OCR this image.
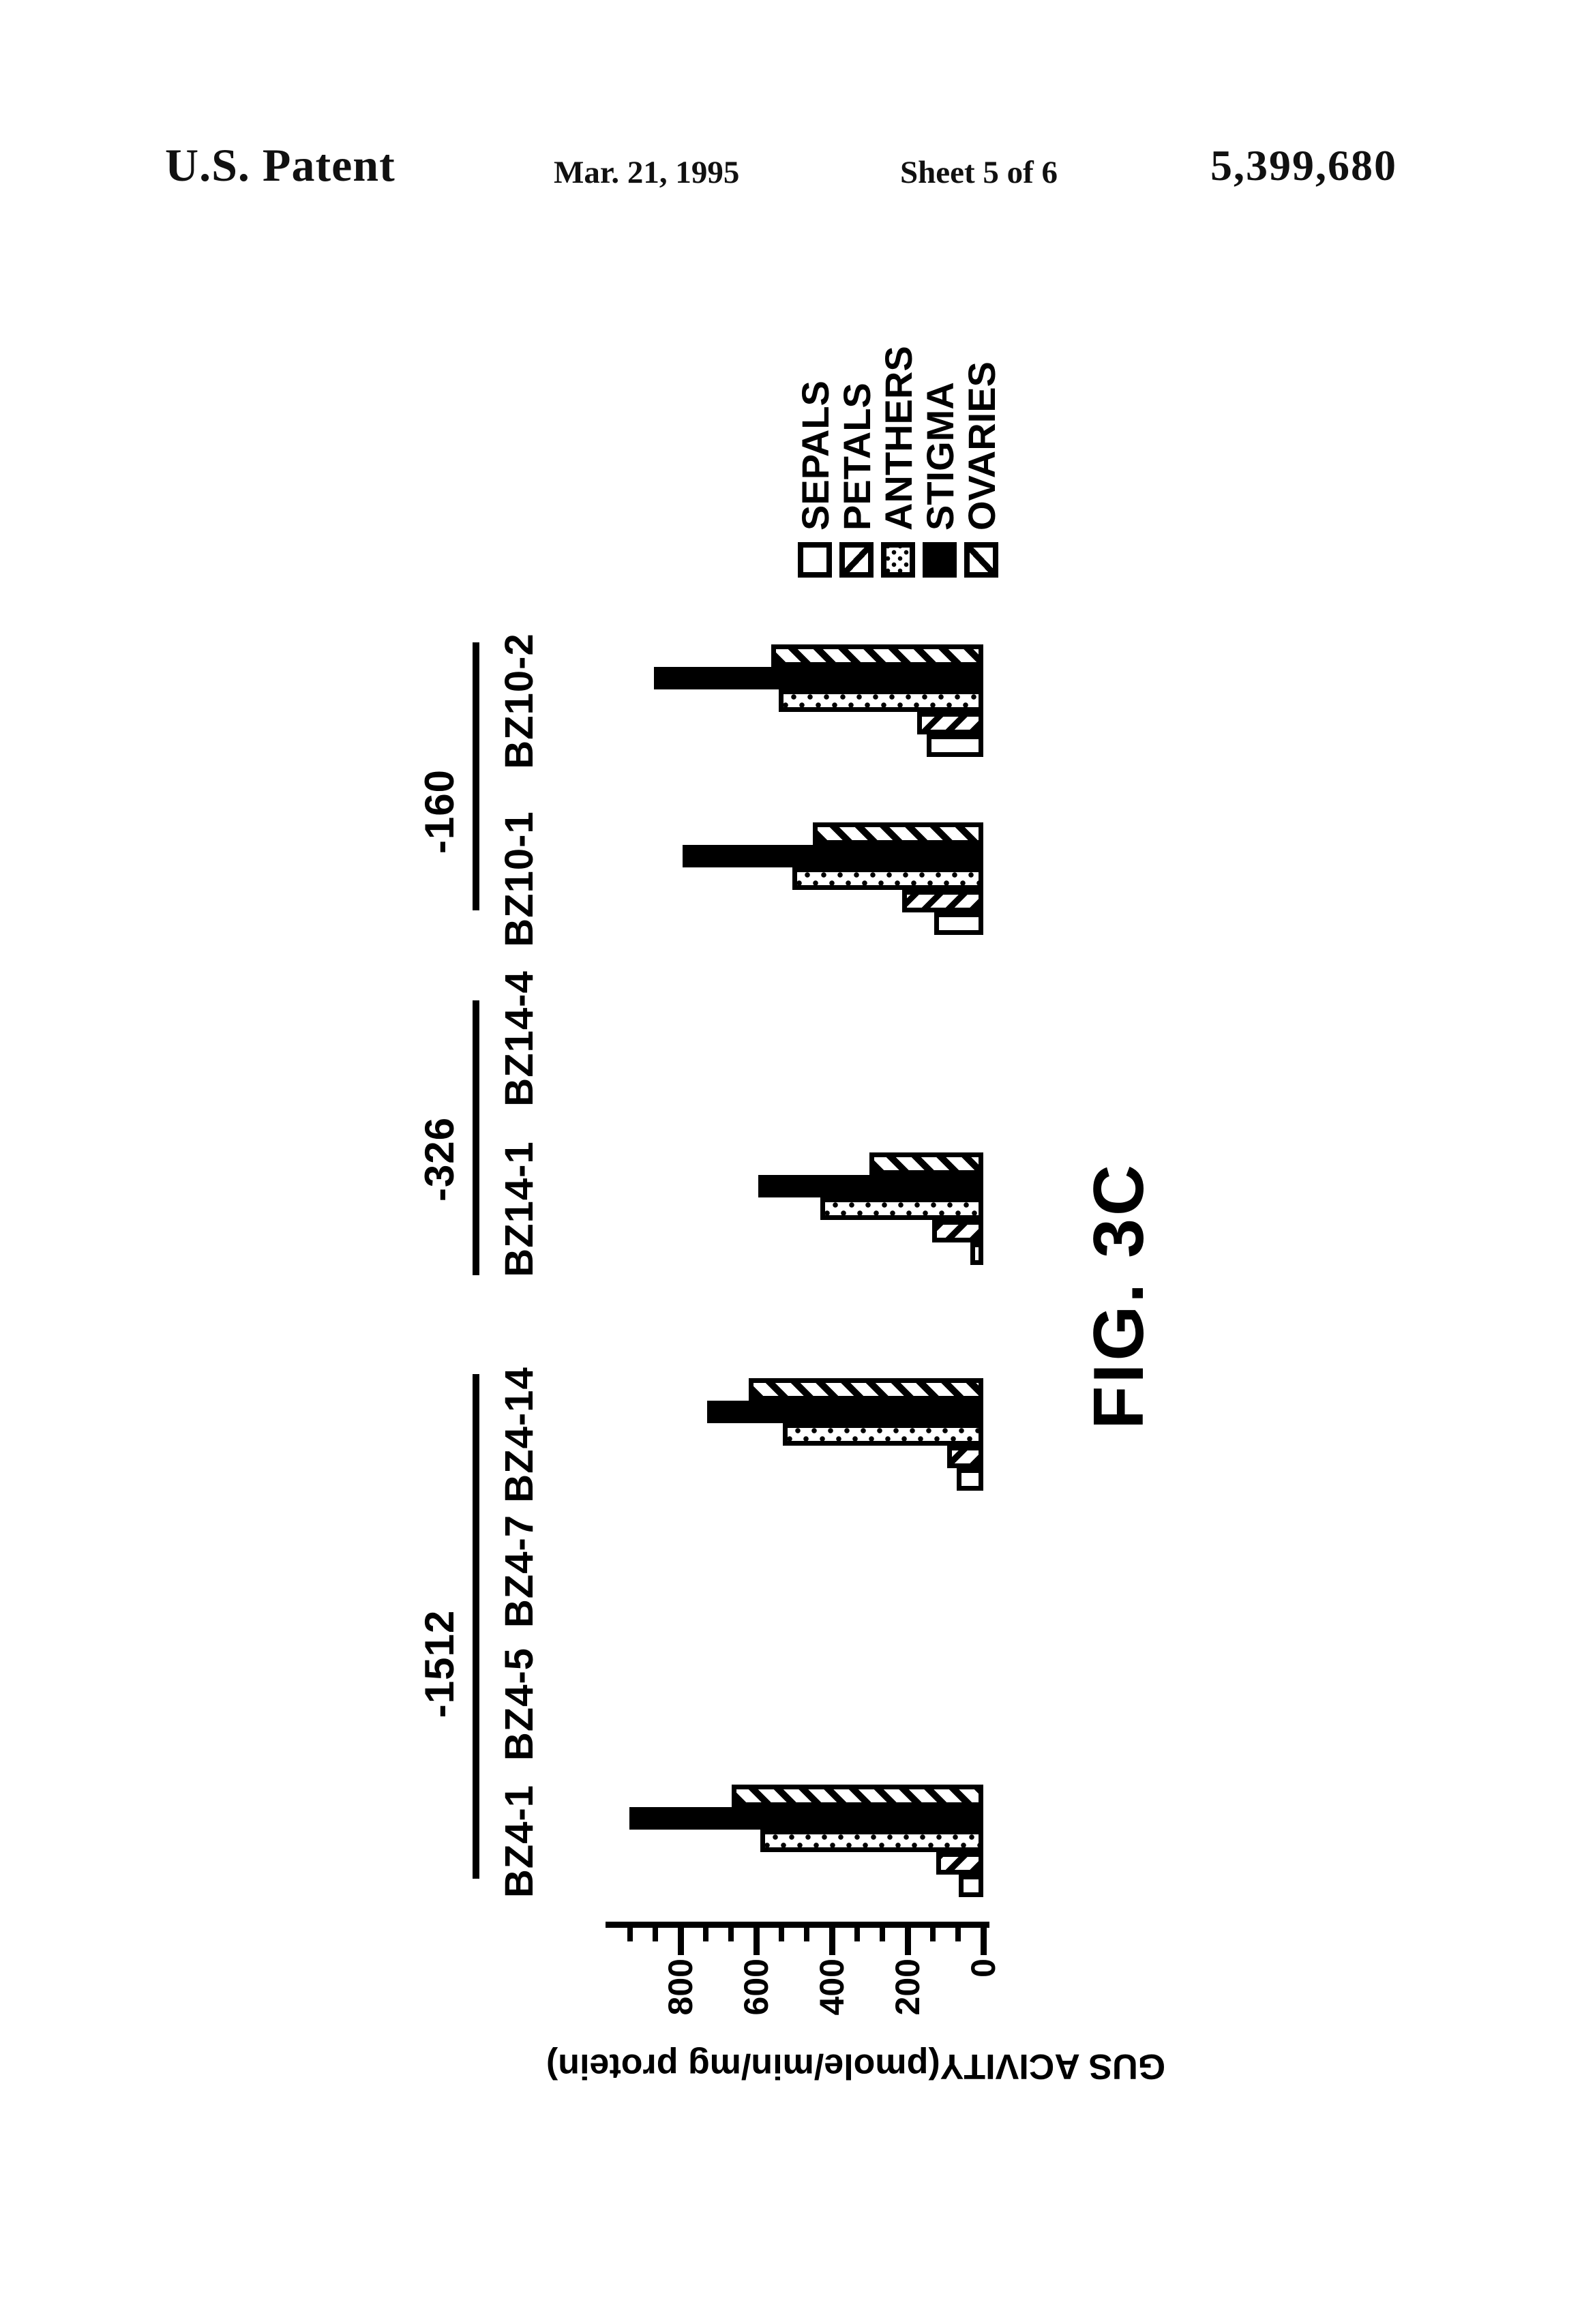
U.S. Patent	Mar. 21, 1995	Sheet 5 of 6	5,399,680
GUS ACIVITY(pmole/min/mg protein)
FIG. 3C
0
200
400
600
800
-1512
BZ4-1
BZ4-5
BZ4-7
BZ4-14
-326 BZ14-1
BZ14-4
-160 BZ10-1
BZ10-2
SEPALS
PETALS
ANTHERS
STIGMA
OVARIES
